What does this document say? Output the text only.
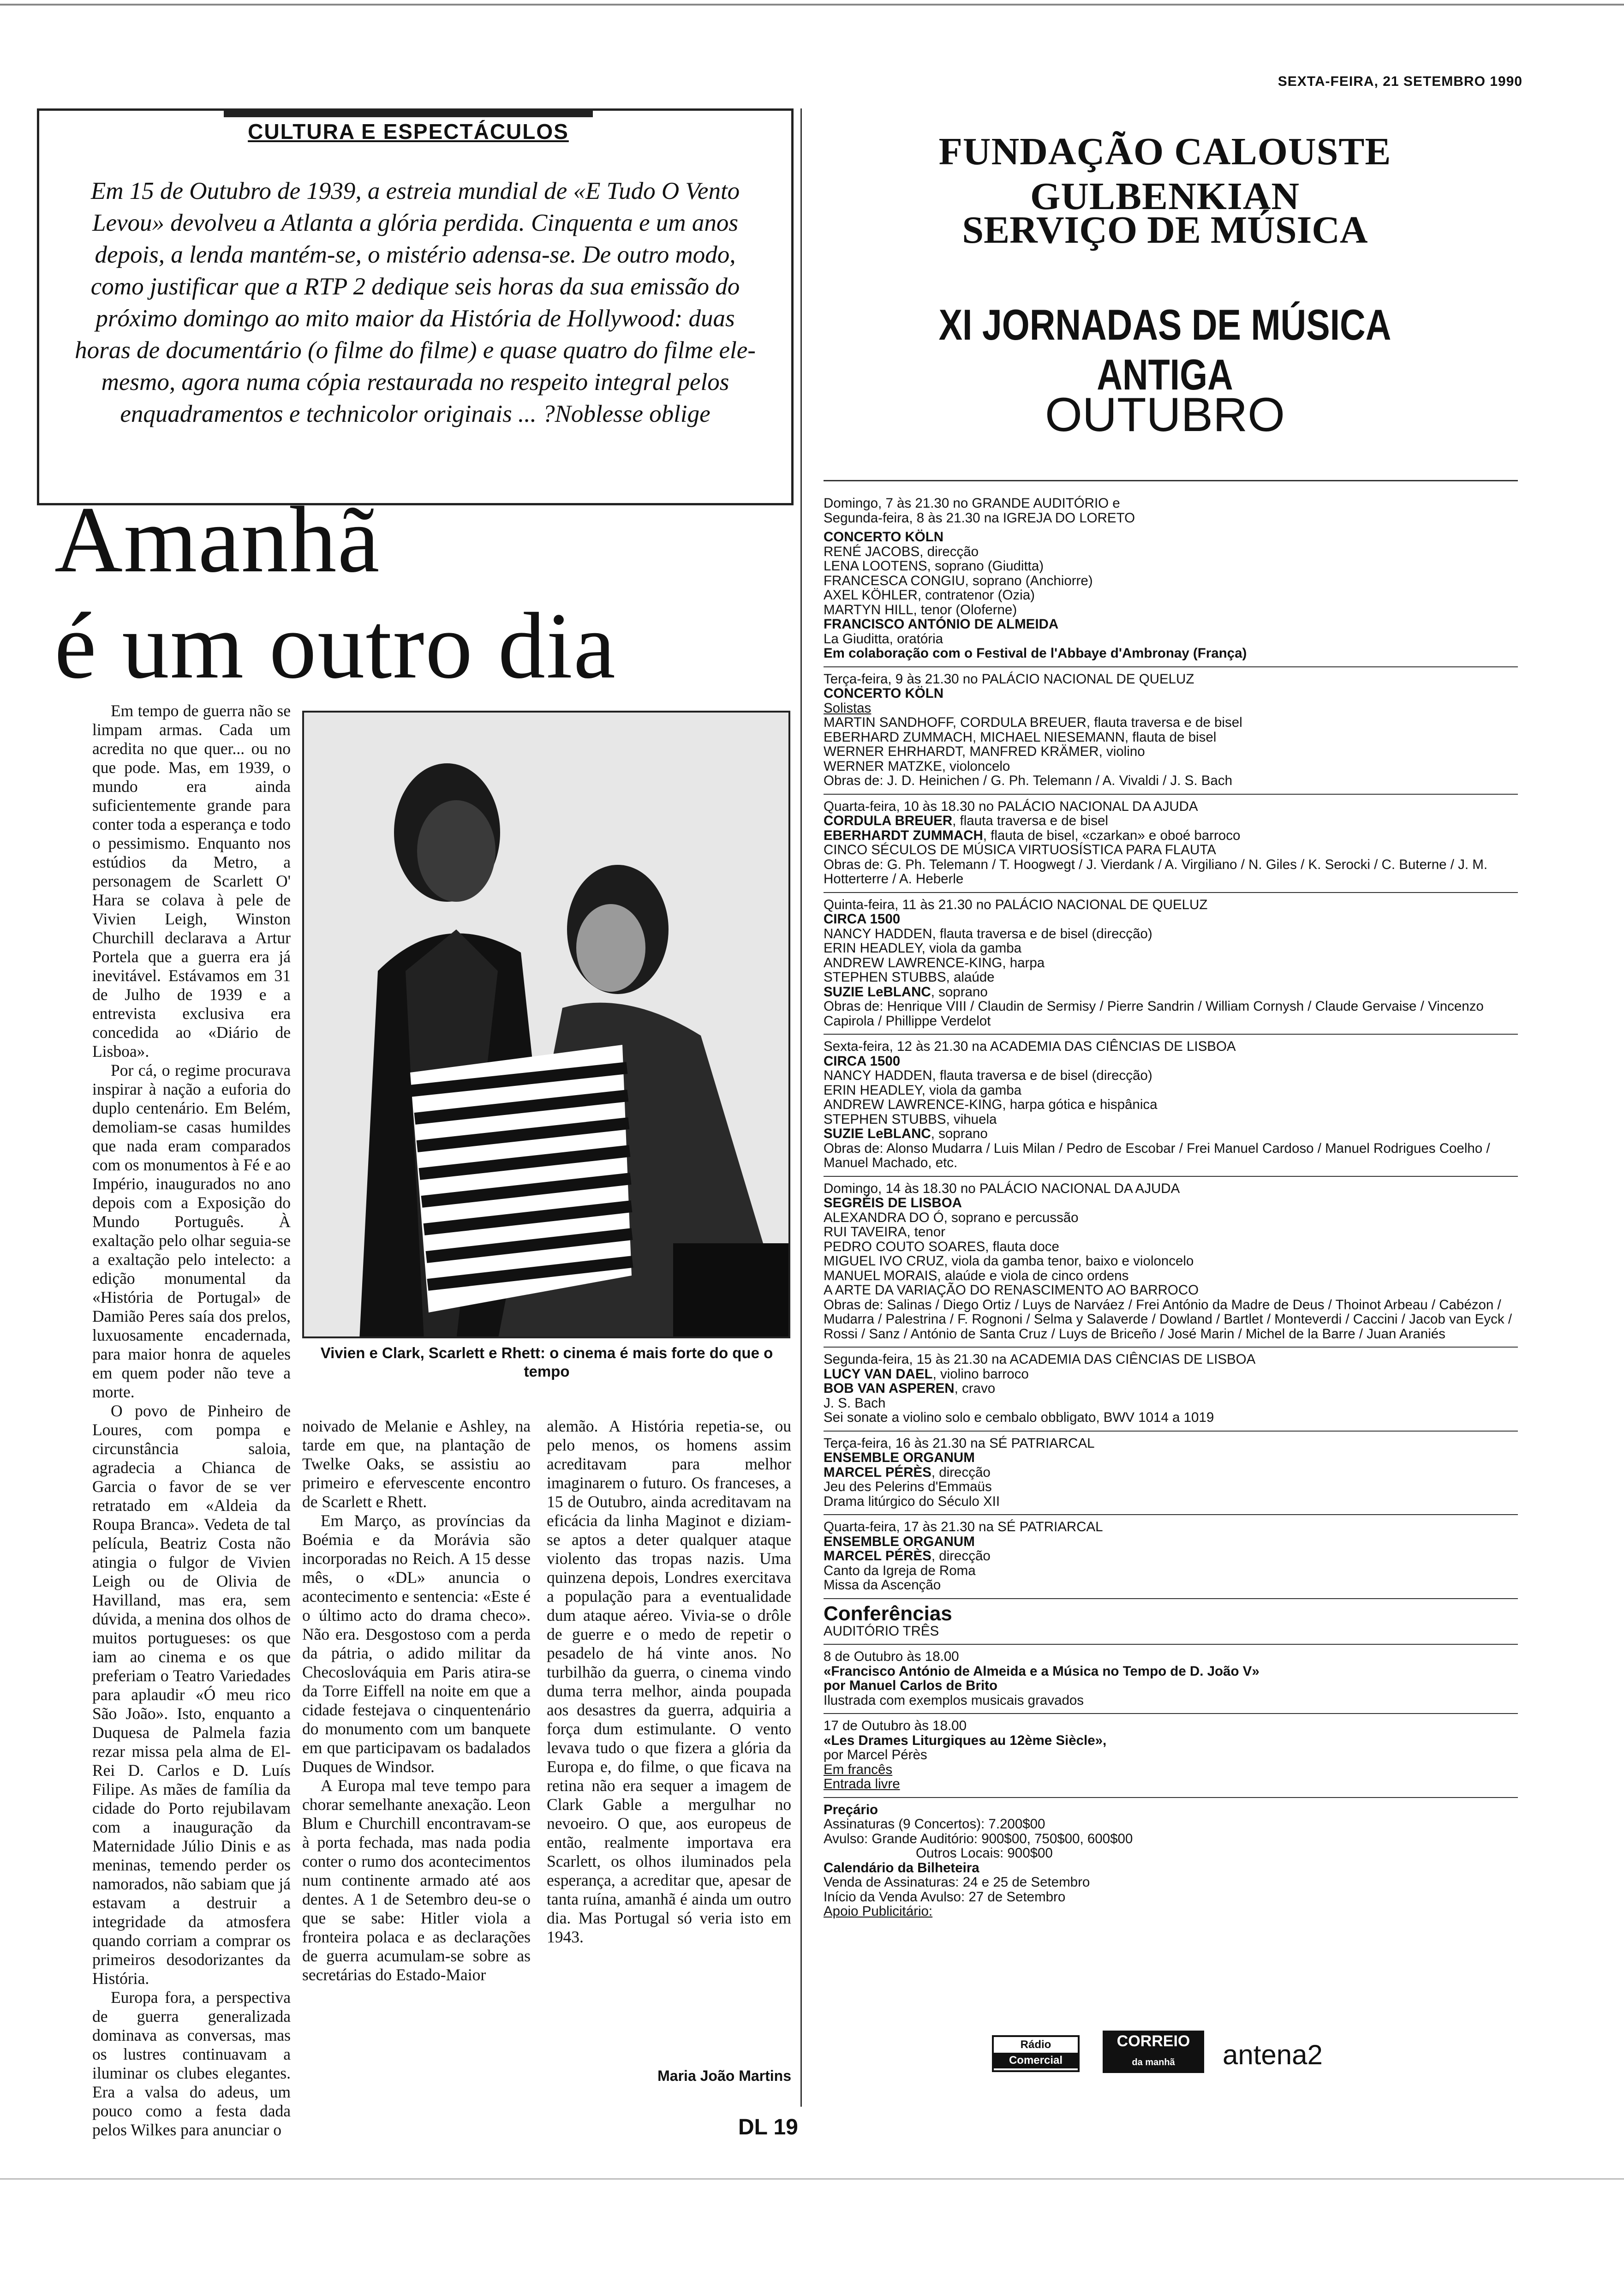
SEXTA-FEIRA, 21 SETEMBRO 1990
CULTURA E ESPECTÁCULOS
Em 15 de Outubro de 1939, a estreia mundial de «E Tudo O Vento Levou» devolveu a Atlanta a glória perdida. Cinquenta e um anos depois, a lenda mantém-se, o mistério adensa-se. De outro modo, como justificar que a RTP 2 dedique seis horas da sua emissão do próximo domingo ao mito maior da História de Hollywood: duas horas de documentário (o filme do filme) e quase quatro do filme ele-mesmo, agora numa cópia restaurada no respeito integral pelos enquadramentos e technicolor originais ... ?Noblesse oblige
Amanhã
é um outro dia

Em tempo de guerra não se limpam armas. Cada um acredita no que quer... ou no que pode. Mas, em 1939, o mundo era ainda suficientemente grande para conter toda a esperança e todo o pessimismo. Enquanto nos estúdios da Metro, a personagem de Scarlett O' Hara se colava à pele de Vivien Leigh, Winston Churchill declarava a Artur Portela que a guerra era já inevitável. Estávamos em 31 de Julho de 1939 e a entrevista exclusiva era concedida ao «Diário de Lisboa».

Por cá, o regime procurava inspirar à nação a euforia do duplo centenário. Em Belém, demoliam-se casas humildes que nada eram comparados com os monumentos à Fé e ao Império, inaugurados no ano depois com a Exposição do Mundo Português. À exaltação pelo olhar seguia-se a exaltação pelo intelecto: a edição monumental da «História de Portugal» de Damião Peres saía dos prelos, luxuosamente encadernada, para maior honra de aqueles em quem poder não teve a morte.

O povo de Pinheiro de Loures, com pompa e circunstância saloia, agradecia a Chianca de Garcia o favor de se ver retratado em «Aldeia da Roupa Branca». Vedeta de tal película, Beatriz Costa não atingia o fulgor de Vivien Leigh ou de Olivia de Havilland, mas era, sem dúvida, a menina dos olhos de muitos portugueses: os que iam ao cinema e os que preferiam o Teatro Variedades para aplaudir «Ó meu rico São João». Isto, enquanto a Duquesa de Palmela fazia rezar missa pela alma de El-Rei D. Carlos e D. Luís Filipe. As mães de família da cidade do Porto rejubilavam com a inauguração da Maternidade Júlio Dinis e as meninas, temendo perder os namorados, não sabiam que já estavam a destruir a integridade da atmosfera quando corriam a comprar os primeiros desodorizantes da História.

Europa fora, a perspectiva de guerra generalizada dominava as conversas, mas os lustres continuavam a iluminar os clubes elegantes. Era a valsa do adeus, um pouco como a festa dada pelos Wilkes para anunciar o

Vivien e Clark, Scarlett e Rhett: o cinema é mais forte do que o tempo

noivado de Melanie e Ashley, na tarde em que, na plantação de Twelke Oaks, se assistiu ao primeiro e efervescente encontro de Scarlett e Rhett.

Em Março, as províncias da Boémia e da Morávia são incorporadas no Reich. A 15 desse mês, o «DL» anuncia o acontecimento e sentencia: «Este é o último acto do drama checo». Não era. Desgostoso com a perda da pátria, o adido militar da Checoslováquia em Paris atira-se da Torre Eiffell na noite em que a cidade festejava o cinquentenário do monumento com um banquete em que participavam os badalados Duques de Windsor.

A Europa mal teve tempo para chorar semelhante anexação. Leon Blum e Churchill encontravam-se à porta fechada, mas nada podia conter o rumo dos acontecimentos num continente armado até aos dentes. A 1 de Setembro deu-se o que se sabe: Hitler viola a fronteira polaca e as declarações de guerra acumulam-se sobre as secretárias do Estado-Maior

alemão. A História repetia-se, ou pelo menos, os homens assim acreditavam para melhor imaginarem o futuro. Os franceses, a 15 de Outubro, ainda acreditavam na eficácia da linha Maginot e diziam-se aptos a deter qualquer ataque violento das tropas nazis. Uma quinzena depois, Londres exercitava a população para a eventualidade dum ataque aéreo. Vivia-se o drôle de guerre e o medo de repetir o pesadelo de há vinte anos. No turbilhão da guerra, o cinema vindo duma terra melhor, ainda poupada aos desastres da guerra, adquiria a força dum estimulante. O vento levava tudo o que fizera a glória da Europa e, do filme, o que ficava na retina não era sequer a imagem de Clark Gable a mergulhar no nevoeiro. O que, aos europeus de então, realmente importava era Scarlett, os olhos iluminados pela esperança, a acreditar que, apesar de tanta ruína, amanhã é ainda um outro dia. Mas Portugal só veria isto em 1943.

Maria João Martins
FUNDAÇÃO CALOUSTE GULBENKIAN
SERVIÇO DE MÚSICA
XI JORNADAS DE MÚSICA ANTIGA
OUTUBRO
Domingo, 7 às 21.30 no GRANDE AUDITÓRIO e
Segunda-feira, 8 às 21.30 na IGREJA DO LORETO
CONCERTO KÖLN
RENÉ JACOBS, direcção
LENA LOOTENS, soprano (Giuditta)
FRANCESCA CONGIU, soprano (Anchiorre)
AXEL KÖHLER, contratenor (Ozia)
MARTYN HILL, tenor (Oloferne)
FRANCISCO ANTÓNIO DE ALMEIDA
La Giuditta, oratória
Em colaboração com o Festival de l'Abbaye d'Ambronay (França)
Terça-feira, 9 às 21.30 no PALÁCIO NACIONAL DE QUELUZ
CONCERTO KÖLN
Solistas
MARTIN SANDHOFF, CORDULA BREUER, flauta traversa e de bisel
EBERHARD ZUMMACH, MICHAEL NIESEMANN, flauta de bisel
WERNER EHRHARDT, MANFRED KRÄMER, violino
WERNER MATZKE, violoncelo
Obras de: J. D. Heinichen / G. Ph. Telemann / A. Vivaldi / J. S. Bach
Quarta-feira, 10 às 18.30 no PALÁCIO NACIONAL DA AJUDA
CORDULA BREUER, flauta traversa e de bisel
EBERHARDT ZUMMACH, flauta de bisel, «czarkan» e oboé barroco
CINCO SÉCULOS DE MÚSICA VIRTUOSÍSTICA PARA FLAUTA
Obras de: G. Ph. Telemann / T. Hoogwegt / J. Vierdank / A. Virgiliano / N. Giles / K. Serocki / C. Buterne / J. M. Hotterterre / A. Heberle
Quinta-feira, 11 às 21.30 no PALÁCIO NACIONAL DE QUELUZ
CIRCA 1500
NANCY HADDEN, flauta traversa e de bisel (direcção)
ERIN HEADLEY, viola da gamba
ANDREW LAWRENCE-KING, harpa
STEPHEN STUBBS, alaúde
SUZIE LeBLANC, soprano
Obras de: Henrique VIII / Claudin de Sermisy / Pierre Sandrin / William Cornysh / Claude Gervaise / Vincenzo Capirola / Phillippe Verdelot
Sexta-feira, 12 às 21.30 na ACADEMIA DAS CIÊNCIAS DE LISBOA
CIRCA 1500
NANCY HADDEN, flauta traversa e de bisel (direcção)
ERIN HEADLEY, viola da gamba
ANDREW LAWRENCE-KING, harpa gótica e hispânica
STEPHEN STUBBS, vihuela
SUZIE LeBLANC, soprano
Obras de: Alonso Mudarra / Luis Milan / Pedro de Escobar / Frei Manuel Cardoso / Manuel Rodrigues Coelho / Manuel Machado, etc.
Domingo, 14 às 18.30 no PALÁCIO NACIONAL DA AJUDA
SEGRÉIS DE LISBOA
ALEXANDRA DO Ó, soprano e percussão
RUI TAVEIRA, tenor
PEDRO COUTO SOARES, flauta doce
MIGUEL IVO CRUZ, viola da gamba tenor, baixo e violoncelo
MANUEL MORAIS, alaúde e viola de cinco ordens
A ARTE DA VARIAÇÃO DO RENASCIMENTO AO BARROCO
Obras de: Salinas / Diego Ortiz / Luys de Narváez / Frei António da Madre de Deus / Thoinot Arbeau / Cabézon / Mudarra / Palestrina / F. Rognoni / Selma y Salaverde / Dowland / Bartlet / Monteverdi / Caccini / Jacob van Eyck / Rossi / Sanz / António de Santa Cruz / Luys de Briceño / José Marin / Michel de la Barre / Juan Araniés
Segunda-feira, 15 às 21.30 na ACADEMIA DAS CIÊNCIAS DE LISBOA
LUCY VAN DAEL, violino barroco
BOB VAN ASPEREN, cravo
J. S. Bach
Sei sonate a violino solo e cembalo obbligato, BWV 1014 a 1019
Terça-feira, 16 às 21.30 na SÉ PATRIARCAL
ENSEMBLE ORGANUM
MARCEL PÉRÈS, direcção
Jeu des Pelerins d'Emmaüs
Drama litúrgico do Século XII
Quarta-feira, 17 às 21.30 na SÉ PATRIARCAL
ENSEMBLE ORGANUM
MARCEL PÉRÈS, direcção
Canto da Igreja de Roma
Missa da Ascenção
Conferências
AUDITÓRIO TRÊS
8 de Outubro às 18.00
«Francisco António de Almeida e a Música no Tempo de D. João V»
por Manuel Carlos de Brito
Ilustrada com exemplos musicais gravados
17 de Outubro às 18.00
«Les Drames Liturgiques au 12ème Siècle»,
por Marcel Pérès
Em francês
Entrada livre
Preçário
Assinaturas (9 Concertos): 7.200$00
Avulso: Grande Auditório: 900$00, 750$00, 600$00
Outros Locais: 900$00
Calendário da Bilheteira
Venda de Assinaturas: 24 e 25 de Setembro
Início da Venda Avulso: 27 de Setembro
Apoio Publicitário:
Rádio
Comercial
CORREIO
da manhã	antena2
DL 19
